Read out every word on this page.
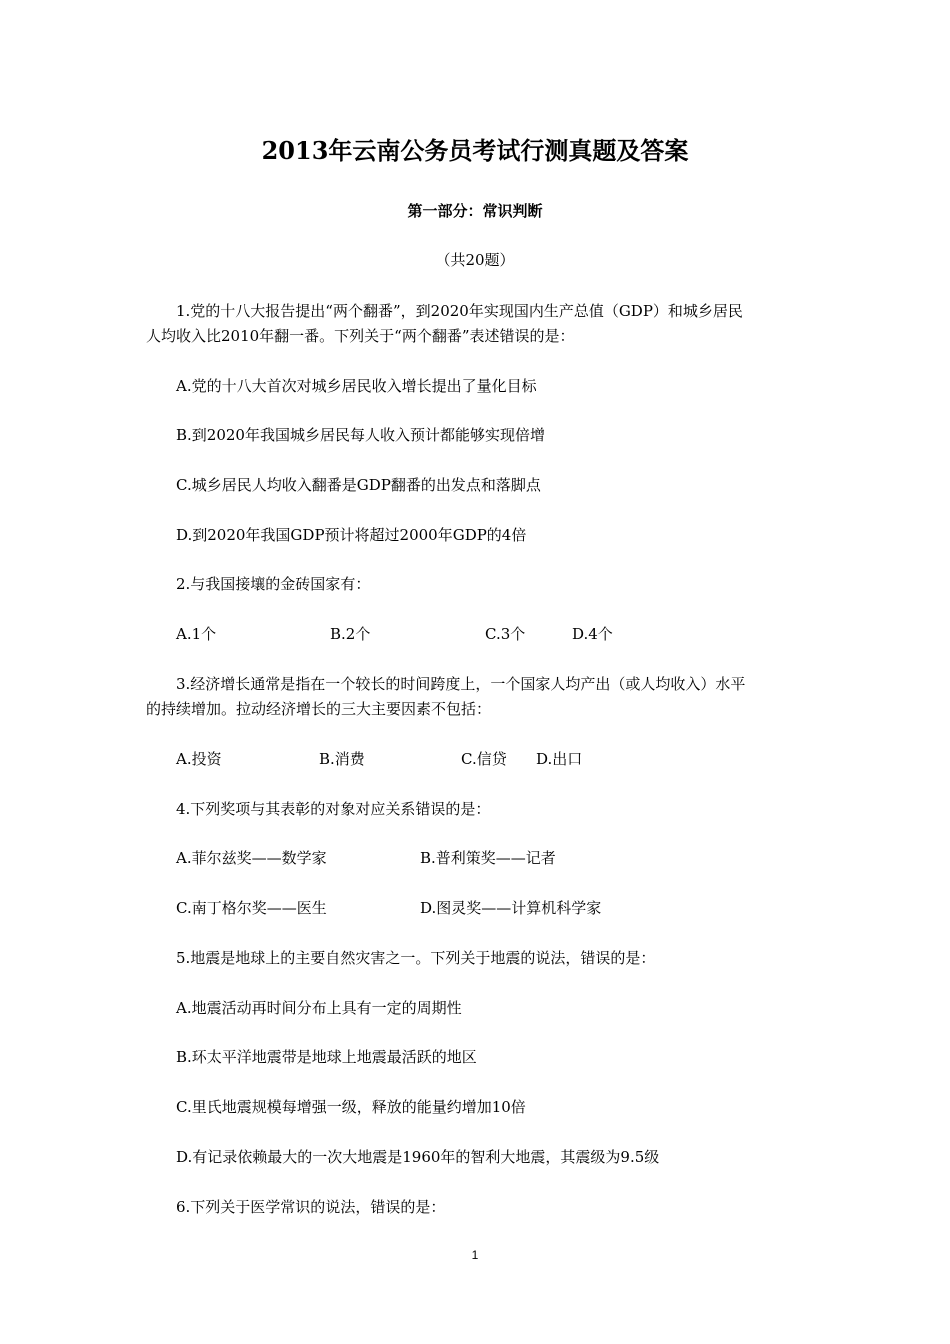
2013年云南公务员考试行测真题及答案
第一部分：常识判断
（共20题）
1.党的十八大报告提出“两个翻番”，到2020年实现国内生产总值（GDP）和城乡居民
人均收入比2010年翻一番。下列关于“两个翻番”表述错误的是：
A.党的十八大首次对城乡居民收入增长提出了量化目标
B.到2020年我国城乡居民每人收入预计都能够实现倍增
C.城乡居民人均收入翻番是GDP翻番的出发点和落脚点
D.到2020年我国GDP预计将超过2000年GDP的4倍
2.与我国接壤的金砖国家有：
A.1个	B.2个	C.3个	D.4个
3.经济增长通常是指在一个较长的时间跨度上，一个国家人均产出（或人均收入）水平
的持续增加。拉动经济增长的三大主要因素不包括：
A.投资	B.消费	C.信贷 D.出口
4.下列奖项与其表彰的对象对应关系错误的是：
A.菲尔兹奖——数学家	B.普利策奖——记者
C.南丁格尔奖——医生	D.图灵奖——计算机科学家
5.地震是地球上的主要自然灾害之一。下列关于地震的说法，错误的是：
A.地震活动再时间分布上具有一定的周期性
B.环太平洋地震带是地球上地震最活跃的地区
C.里氏地震规模每增强一级，释放的能量约增加10倍
D.有记录依赖最大的一次大地震是1960年的智利大地震，其震级为9.5级
6.下列关于医学常识的说法，错误的是：
1
